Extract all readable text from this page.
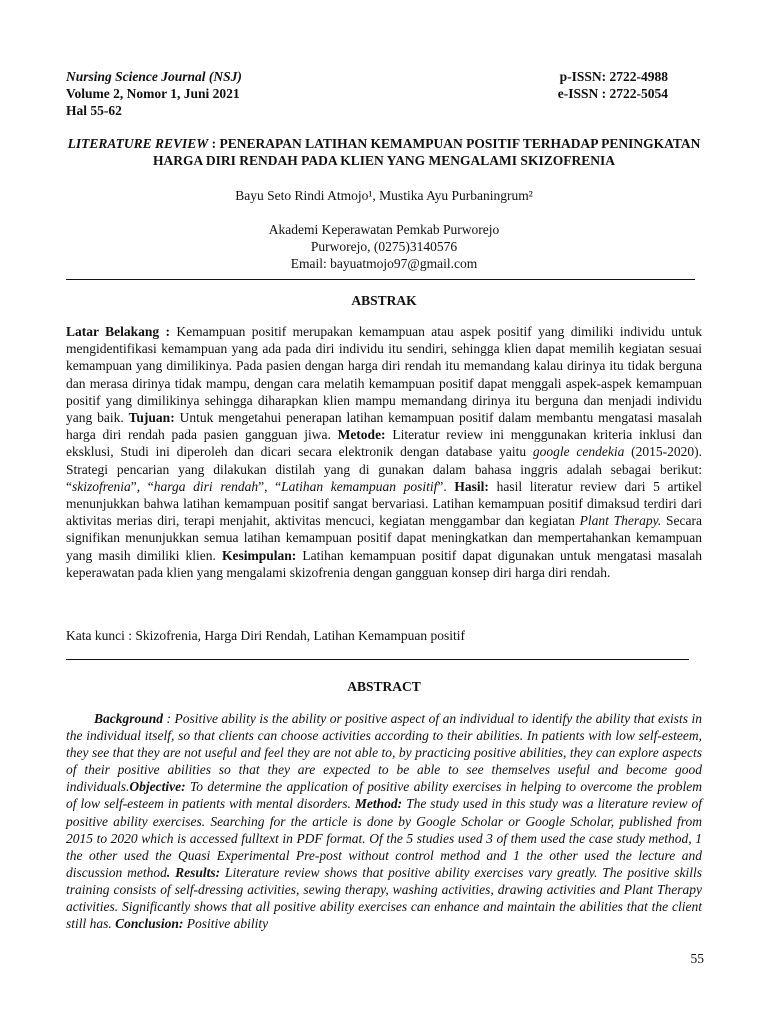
Nursing Science Journal (NSJ)	p-ISSN: 2722-4988
Volume 2, Nomor 1, Juni 2021	e-ISSN : 2722-5054
Hal 55-62
LITERATURE REVIEW : PENERAPAN LATIHAN KEMAMPUAN POSITIF TERHADAP PENINGKATAN HARGA DIRI RENDAH PADA KLIEN YANG MENGALAMI SKIZOFRENIA
Bayu Seto Rindi Atmojo¹, Mustika Ayu Purbaningrum²
Akademi Keperawatan Pemkab Purworejo
Purworejo, (0275)3140576
Email: bayuatmojo97@gmail.com
ABSTRAK
Latar Belakang : Kemampuan positif merupakan kemampuan atau aspek positif yang dimiliki individu untuk mengidentifikasi kemampuan yang ada pada diri individu itu sendiri, sehingga klien dapat memilih kegiatan sesuai kemampuan yang dimilikinya. Pada pasien dengan harga diri rendah itu memandang kalau dirinya itu tidak berguna dan merasa dirinya tidak mampu, dengan cara melatih kemampuan positif dapat menggali aspek-aspek kemampuan positif yang dimilikinya sehingga diharapkan klien mampu memandang dirinya itu berguna dan menjadi individu yang baik. Tujuan: Untuk mengetahui penerapan latihan kemampuan positif dalam membantu mengatasi masalah harga diri rendah pada pasien gangguan jiwa. Metode: Literatur review ini menggunakan kriteria inklusi dan eksklusi, Studi ini diperoleh dan dicari secara elektronik dengan database yaitu google cendekia (2015-2020). Strategi pencarian yang dilakukan distilah yang di gunakan dalam bahasa inggris adalah sebagai berikut: “skizofrenia”, “harga diri rendah”, “Latihan kemampuan positif”. Hasil: hasil literatur review dari 5 artikel menunjukkan bahwa latihan kemampuan positif sangat bervariasi. Latihan kemampuan positif dimaksud terdiri dari aktivitas merias diri, terapi menjahit, aktivitas mencuci, kegiatan menggambar dan kegiatan Plant Therapy. Secara signifikan menunjukkan semua latihan kemampuan positif dapat meningkatkan dan mempertahankan kemampuan yang masih dimiliki klien. Kesimpulan: Latihan kemampuan positif dapat digunakan untuk mengatasi masalah keperawatan pada klien yang mengalami skizofrenia dengan gangguan konsep diri harga diri rendah.
Kata kunci : Skizofrenia, Harga Diri Rendah, Latihan Kemampuan positif
ABSTRACT
Background : Positive ability is the ability or positive aspect of an individual to identify the ability that exists in the individual itself, so that clients can choose activities according to their abilities. In patients with low self-esteem, they see that they are not useful and feel they are not able to, by practicing positive abilities, they can explore aspects of their positive abilities so that they are expected to be able to see themselves useful and become good individuals.Objective: To determine the application of positive ability exercises in helping to overcome the problem of low self-esteem in patients with mental disorders. Method: The study used in this study was a literature review of positive ability exercises. Searching for the article is done by Google Scholar or Google Scholar, published from 2015 to 2020 which is accessed fulltext in PDF format. Of the 5 studies used 3 of them used the case study method, 1 the other used the Quasi Experimental Pre-post without control method and 1 the other used the lecture and discussion method. Results: Literature review shows that positive ability exercises vary greatly. The positive skills training consists of self-dressing activities, sewing therapy, washing activities, drawing activities and Plant Therapy activities. Significantly shows that all positive ability exercises can enhance and maintain the abilities that the client still has. Conclusion: Positive ability
55
